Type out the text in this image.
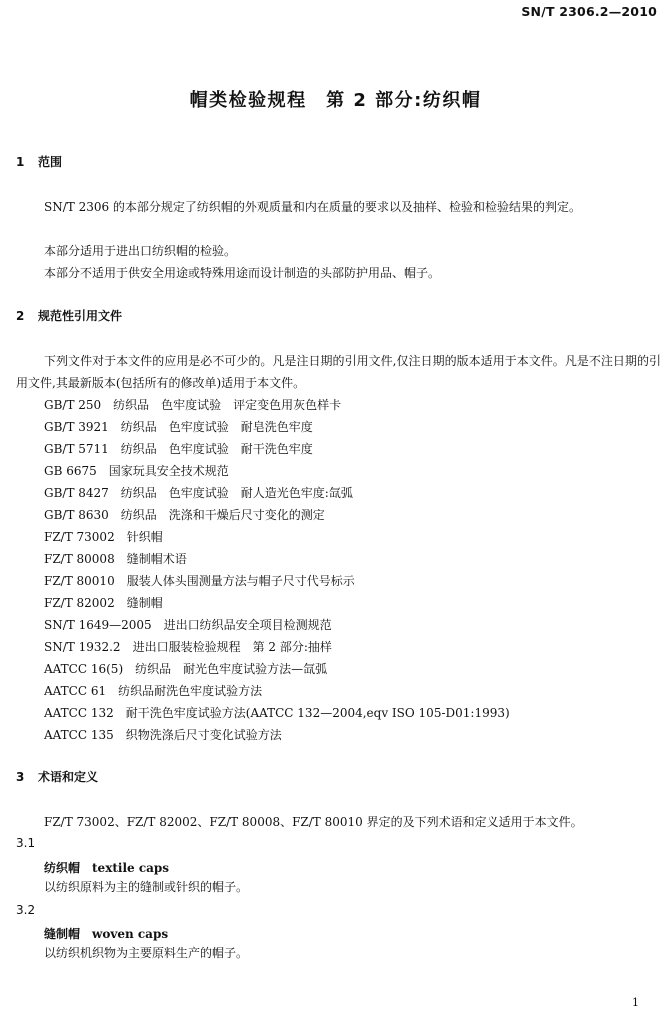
SN/T 2306.2—2010
帽类检验规程　第 2 部分:纺织帽
1 范围
SN/T 2306 的本部分规定了纺织帽的外观质量和内在质量的要求以及抽样、检验和检验结果的判定。
本部分适用于进出口纺织帽的检验。
本部分不适用于供安全用途或特殊用途而设计制造的头部防护用品、帽子。
2 规范性引用文件
下列文件对于本文件的应用是必不可少的。凡是注日期的引用文件,仅注日期的版本适用于本文件。凡是不注日期的引用文件,其最新版本(包括所有的修改单)适用于本文件。
GB/T 250　纺织品　色牢度试验　评定变色用灰色样卡
GB/T 3921　纺织品　色牢度试验　耐皂洗色牢度
GB/T 5711　纺织品　色牢度试验　耐干洗色牢度
GB 6675　国家玩具安全技术规范
GB/T 8427　纺织品　色牢度试验　耐人造光色牢度:氙弧
GB/T 8630　纺织品　洗涤和干燥后尺寸变化的测定
FZ/T 73002　针织帽
FZ/T 80008　缝制帽术语
FZ/T 80010　服装人体头围测量方法与帽子尺寸代号标示
FZ/T 82002　缝制帽
SN/T 1649—2005　进出口纺织品安全项目检测规范
SN/T 1932.2　进出口服装检验规程　第 2 部分:抽样
AATCC 16(5)　纺织品　耐光色牢度试验方法—氙弧
AATCC 61　纺织品耐洗色牢度试验方法
AATCC 132　耐干洗色牢度试验方法(AATCC 132—2004,eqv ISO 105-D01:1993)
AATCC 135　织物洗涤后尺寸变化试验方法
3 术语和定义
FZ/T 73002、FZ/T 82002、FZ/T 80008、FZ/T 80010 界定的及下列术语和定义适用于本文件。
3.1
纺织帽 textile caps
以纺织原料为主的缝制或针织的帽子。
3.2
缝制帽 woven caps
以纺织机织物为主要原料生产的帽子。
1
